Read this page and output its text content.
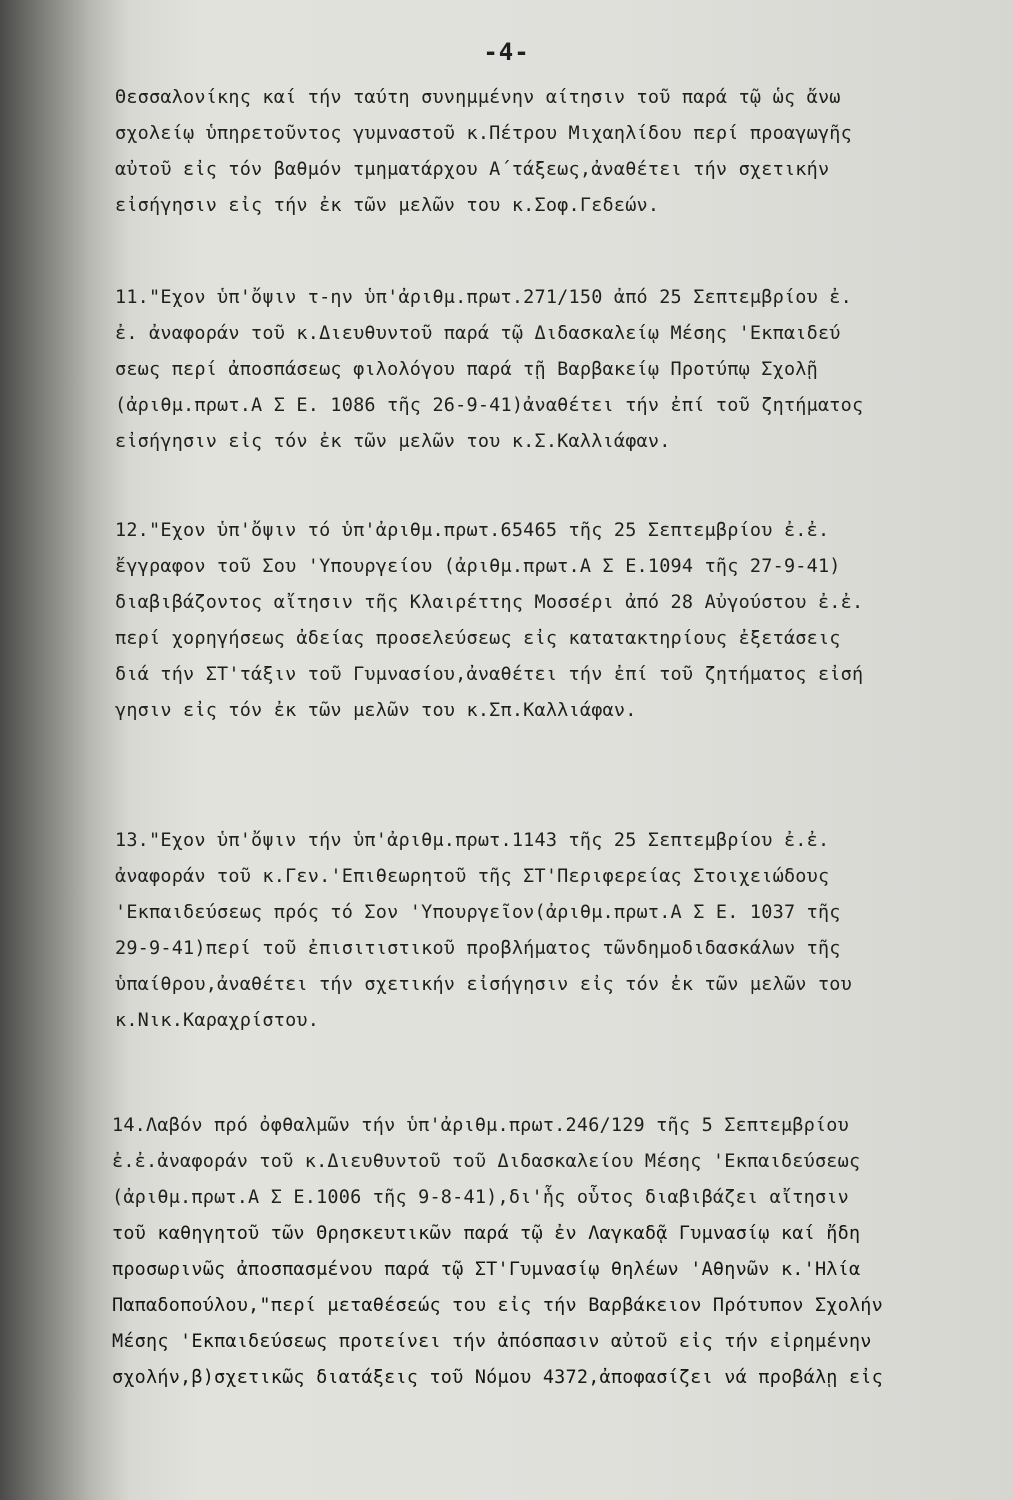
-4-
Θεσσαλονίκης καί τήν ταύτη συνημμένην αίτησιν τοῦ παρά τῷ ὡς ἄνω
σχολείῳ ὑπηρετοῦντος γυμναστοῦ κ.Πέτρου Μιχαηλίδου περί προαγωγῆς
αὐτοῦ εἰς τόν βαθμόν τμηματάρχου Α΄τάξεως,ἀναθέτει τήν σχετικήν
εἰσήγησιν εἰς τήν ἐκ τῶν μελῶν του κ.Σοφ.Γεδεών.
11."Εχον ὑπ'ὄψιν τ-ην ὑπ'ἀριθμ.πρωτ.271/150 ἀπό 25 Σεπτεμβρίου ἐ.
ἐ. ἀναφοράν τοῦ κ.Διευθυντοῦ παρά τῷ Διδασκαλείῳ Μέσης 'Εκπαιδεύ
σεως περί ἀποσπάσεως φιλολόγου παρά τῇ Βαρβακείῳ Προτύπῳ Σχολῇ
(ἀριθμ.πρωτ.Α Σ Ε. 1086 τῆς 26-9-41)ἀναθέτει τήν ἐπί τοῦ ζητήματος
εἰσήγησιν εἰς τόν ἐκ τῶν μελῶν του κ.Σ.Καλλιάφαν.
12."Εχον ὑπ'ὄψιν τό ὑπ'ἀριθμ.πρωτ.65465 τῆς 25 Σεπτεμβρίου ἐ.ἐ.
ἔγγραφον τοῦ Σου 'Υπουργείου (ἀριθμ.πρωτ.Α Σ Ε.1094 τῆς 27-9-41)
διαβιβάζοντος αἴτησιν τῆς Κλαιρέττης Μοσσέρι ἀπό 28 Αὐγούστου ἐ.ἐ.
περί χορηγήσεως ἀδείας προσελεύσεως εἰς κατατακτηρίους ἐξετάσεις
διά τήν ΣΤ'τάξιν τοῦ Γυμνασίου,ἀναθέτει τήν ἐπί τοῦ ζητήματος εἰσή
γησιν εἰς τόν ἐκ τῶν μελῶν του κ.Σπ.Καλλιάφαν.
13."Εχον ὑπ'ὄψιν τήν ὑπ'ἀριθμ.πρωτ.1143 τῆς 25 Σεπτεμβρίου ἐ.ἐ.
ἀναφοράν τοῦ κ.Γεν.'Επιθεωρητοῦ τῆς ΣΤ'Περιφερείας Στοιχειώδους
'Εκπαιδεύσεως πρός τό Σον 'Υπουργεῖον(ἀριθμ.πρωτ.Α Σ Ε. 1037 τῆς
29-9-41)περί τοῦ ἐπισιτιστικοῦ προβλήματος τῶνδημοδιδασκάλων τῆς
ὑπαίθρου,ἀναθέτει τήν σχετικήν εἰσήγησιν εἰς τόν ἐκ τῶν μελῶν του
κ.Νικ.Καραχρίστου.
14.Λαβόν πρό ὀφθαλμῶν τήν ὑπ'ἀριθμ.πρωτ.246/129 τῆς 5 Σεπτεμβρίου
ἐ.ἐ.ἀναφοράν τοῦ κ.Διευθυντοῦ τοῦ Διδασκαλείου Μέσης 'Εκπαιδεύσεως
(ἀριθμ.πρωτ.Α Σ Ε.1006 τῆς 9-8-41),δι'ἧς οὗτος διαβιβάζει αἴτησιν
τοῦ καθηγητοῦ τῶν Θρησκευτικῶν παρά τῷ ἐν Λαγκαδᾷ Γυμνασίῳ καί ἤδη
προσωρινῶς ἀποσπασμένου παρά τῷ ΣΤ'Γυμνασίῳ θηλέων 'Αθηνῶν κ.'Ηλία
Παπαδοπούλου,"περί μεταθέσεώς του εἰς τήν Βαρβάκειον Πρότυπον Σχολήν
Μέσης 'Εκπαιδεύσεως προτείνει τήν ἀπόσπασιν αὐτοῦ εἰς τήν εἰρημένην
σχολήν,β)σχετικῶς διατάξεις τοῦ Νόμου 4372,ἀποφασίζει νά προβάλῃ εἰς
